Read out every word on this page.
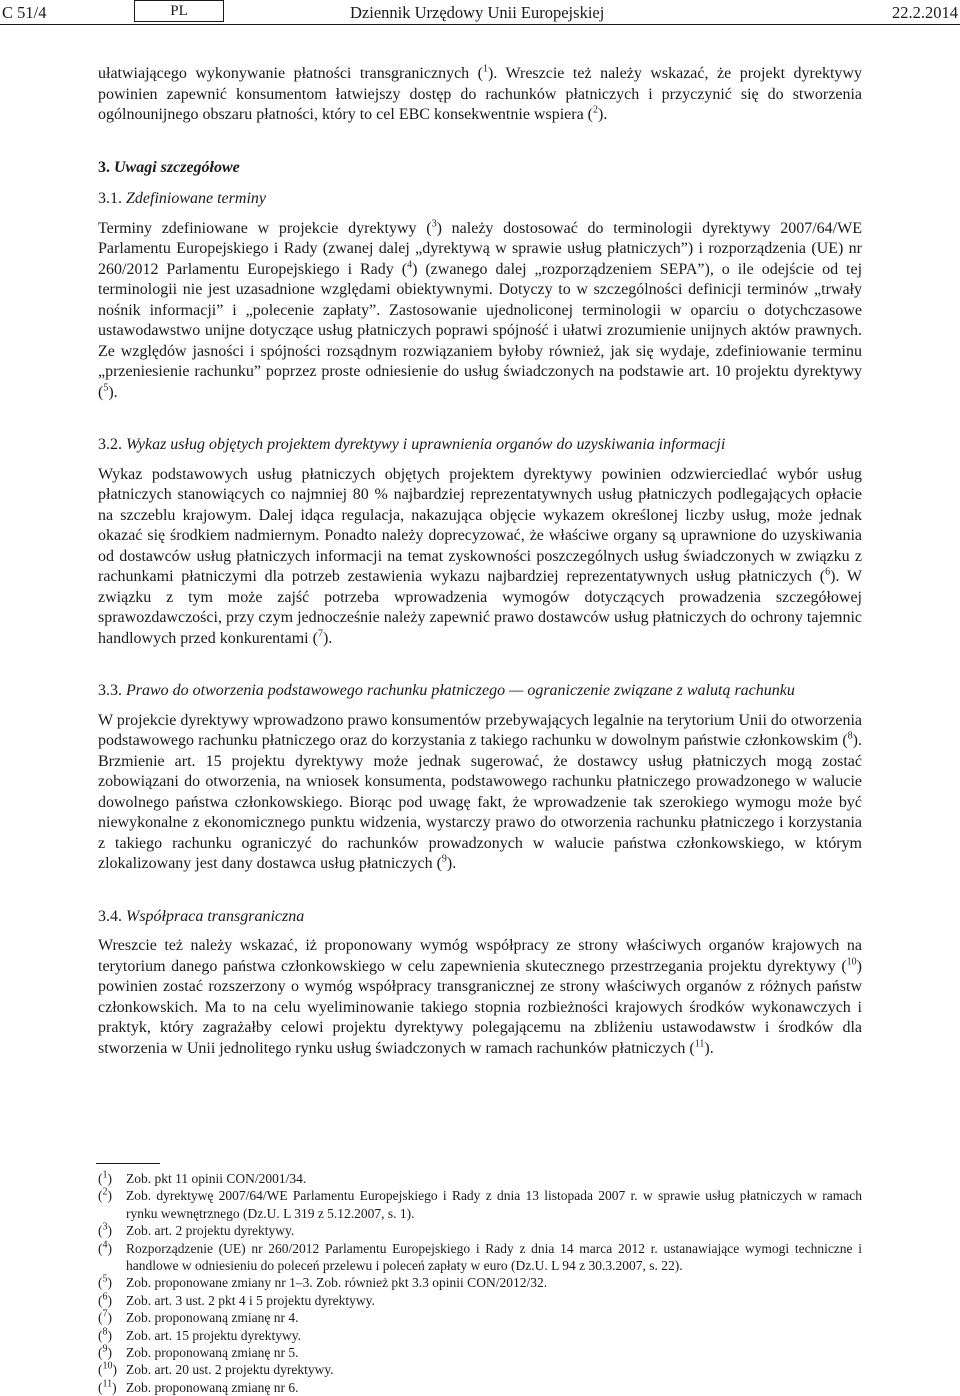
C 51/4	PL	Dziennik Urzędowy Unii Europejskiej	22.2.2014

ułatwiającego wykonywanie płatności transgranicznych ($^1$). Wreszcie też należy wskazać, że projekt dyrektywy powinien zapewnić konsumentom łatwiejszy dostęp do rachunków płatniczych i przyczynić się do stworzenia ogólnounijnego obszaru płatności, który to cel EBC konsekwentnie wspiera ($^2$).

3. Uwagi szczegółowe

3.1. Zdefiniowane terminy

Terminy zdefiniowane w projekcie dyrektywy ($^3$) należy dostosować do terminologii dyrektywy 2007/64/WE Parlamentu Europejskiego i Rady (zwanej dalej „dyrektywą w sprawie usług płatniczych”) i rozporządzenia (UE) nr 260/2012 Parlamentu Europejskiego i Rady ($^4$) (zwanego dalej „rozporządzeniem SEPA”), o ile odejście od tej terminologii nie jest uzasadnione względami obiektywnymi. Dotyczy to w szczególności definicji terminów „trwały nośnik informacji” i „polecenie zapłaty”. Zastosowanie ujednoliconej terminologii w oparciu o dotychczasowe ustawodawstwo unijne dotyczące usług płatniczych poprawi spójność i ułatwi zrozumienie unijnych aktów prawnych. Ze względów jasności i spójności rozsądnym rozwiązaniem byłoby również, jak się wydaje, zdefiniowanie terminu „przeniesienie rachunku” poprzez proste odniesienie do usług świadczonych na podstawie art. 10 projektu dyrektywy ($^5$).

3.2. Wykaz usług objętych projektem dyrektywy i uprawnienia organów do uzyskiwania informacji

Wykaz podstawowych usług płatniczych objętych projektem dyrektywy powinien odzwierciedlać wybór usług płatniczych stanowiących co najmniej 80 % najbardziej reprezentatywnych usług płatniczych podlegających opłacie na szczeblu krajowym. Dalej idąca regulacja, nakazująca objęcie wykazem określonej liczby usług, może jednak okazać się środkiem nadmiernym. Ponadto należy doprecyzować, że właściwe organy są uprawnione do uzyskiwania od dostawców usług płatniczych informacji na temat zyskowności poszczególnych usług świadczonych w związku z rachunkami płatniczymi dla potrzeb zestawienia wykazu najbardziej reprezentatywnych usług płatniczych ($^6$). W związku z tym może zajść potrzeba wprowadzenia wymogów dotyczących prowadzenia szczegółowej sprawozdawczości, przy czym jednocześnie należy zapewnić prawo dostawców usług płatniczych do ochrony tajemnic handlowych przed konkurentami ($^7$).

3.3. Prawo do otworzenia podstawowego rachunku płatniczego — ograniczenie związane z walutą rachunku

W projekcie dyrektywy wprowadzono prawo konsumentów przebywających legalnie na terytorium Unii do otworzenia podstawowego rachunku płatniczego oraz do korzystania z takiego rachunku w dowolnym państwie członkowskim ($^8$). Brzmienie art. 15 projektu dyrektywy może jednak sugerować, że dostawcy usług płatniczych mogą zostać zobowiązani do otworzenia, na wniosek konsumenta, podstawowego rachunku płatniczego prowadzonego w walucie dowolnego państwa członkowskiego. Biorąc pod uwagę fakt, że wprowadzenie tak szerokiego wymogu może być niewykonalne z ekonomicznego punktu widzenia, wystarczy prawo do otworzenia rachunku płatniczego i korzystania z takiego rachunku ograniczyć do rachunków prowadzonych w walucie państwa członkowskiego, w którym zlokalizowany jest dany dostawca usług płatniczych ($^9$).

3.4. Współpraca transgraniczna

Wreszcie też należy wskazać, iż proponowany wymóg współpracy ze strony właściwych organów krajowych na terytorium danego państwa członkowskiego w celu zapewnienia skutecznego przestrzegania projektu dyrektywy ($^{10}$) powinien zostać rozszerzony o wymóg współpracy transgranicznej ze strony właściwych organów z różnych państw członkowskich. Ma to na celu wyeliminowanie takiego stopnia rozbieżności krajowych środków wykonawczych i praktyk, który zagrażałby celowi projektu dyrektywy polegającemu na zbliżeniu ustawodawstw i środków dla stworzenia w Unii jednolitego rynku usług świadczonych w ramach rachunków płatniczych ($^{11}$).

($^1$) Zob. pkt 11 opinii CON/2001/34.
($^2$) Zob. dyrektywę 2007/64/WE Parlamentu Europejskiego i Rady z dnia 13 listopada 2007 r. w sprawie usług płatniczych w ramach rynku wewnętrznego (Dz.U. L 319 z 5.12.2007, s. 1).
($^3$) Zob. art. 2 projektu dyrektywy.
($^4$) Rozporządzenie (UE) nr 260/2012 Parlamentu Europejskiego i Rady z dnia 14 marca 2012 r. ustanawiające wymogi techniczne i handlowe w odniesieniu do poleceń przelewu i poleceń zapłaty w euro (Dz.U. L 94 z 30.3.2007, s. 22).
($^5$) Zob. proponowane zmiany nr 1–3. Zob. również pkt 3.3 opinii CON/2012/32.
($^6$) Zob. art. 3 ust. 2 pkt 4 i 5 projektu dyrektywy.
($^7$) Zob. proponowaną zmianę nr 4.
($^8$) Zob. art. 15 projektu dyrektywy.
($^9$) Zob. proponowaną zmianę nr 5.
($^{10}$) Zob. art. 20 ust. 2 projektu dyrektywy.
($^{11}$) Zob. proponowaną zmianę nr 6.
